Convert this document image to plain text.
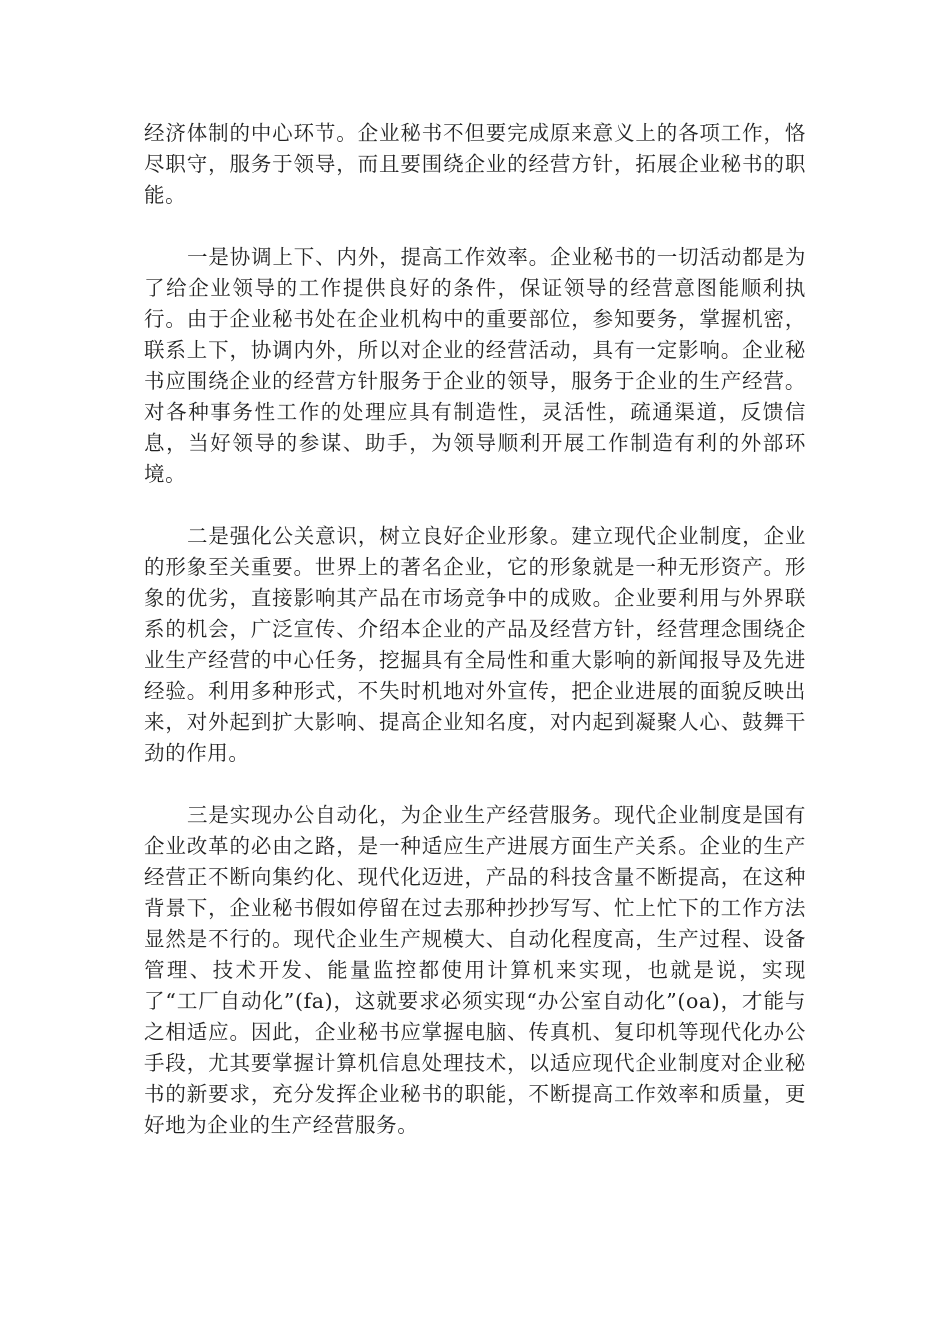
经济体制的中心环节。企业秘书不但要完成原来意义上的各项工作，恪尽职守，服务于领导，而且要围绕企业的经营方针，拓展企业秘书的职能。

一是协调上下、内外，提高工作效率。企业秘书的一切活动都是为了给企业领导的工作提供良好的条件，保证领导的经营意图能顺利执行。由于企业秘书处在企业机构中的重要部位，参知要务，掌握机密，联系上下，协调内外，所以对企业的经营活动，具有一定影响。企业秘书应围绕企业的经营方针服务于企业的领导，服务于企业的生产经营。对各种事务性工作的处理应具有制造性，灵活性，疏通渠道，反馈信息，当好领导的参谋、助手，为领导顺利开展工作制造有利的外部环境。

二是强化公关意识，树立良好企业形象。建立现代企业制度，企业的形象至关重要。世界上的著名企业，它的形象就是一种无形资产。形象的优劣，直接影响其产品在市场竞争中的成败。企业要利用与外界联系的机会，广泛宣传、介绍本企业的产品及经营方针，经营理念围绕企业生产经营的中心任务，挖掘具有全局性和重大影响的新闻报导及先进经验。利用多种形式，不失时机地对外宣传，把企业进展的面貌反映出来，对外起到扩大影响、提高企业知名度，对内起到凝聚人心、鼓舞干劲的作用。

三是实现办公自动化，为企业生产经营服务。现代企业制度是国有企业改革的必由之路，是一种适应生产进展方面生产关系。企业的生产经营正不断向集约化、现代化迈进，产品的科技含量不断提高，在这种背景下，企业秘书假如停留在过去那种抄抄写写、忙上忙下的工作方法显然是不行的。现代企业生产规模大、自动化程度高，生产过程、设备管理、技术开发、能量监控都使用计算机来实现，也就是说，实现了“工厂自动化”(fa)，这就要求必须实现“办公室自动化”(oa)，才能与之相适应。因此，企业秘书应掌握电脑、传真机、复印机等现代化办公手段，尤其要掌握计算机信息处理技术，以适应现代企业制度对企业秘书的新要求，充分发挥企业秘书的职能，不断提高工作效率和质量，更好地为企业的生产经营服务。
